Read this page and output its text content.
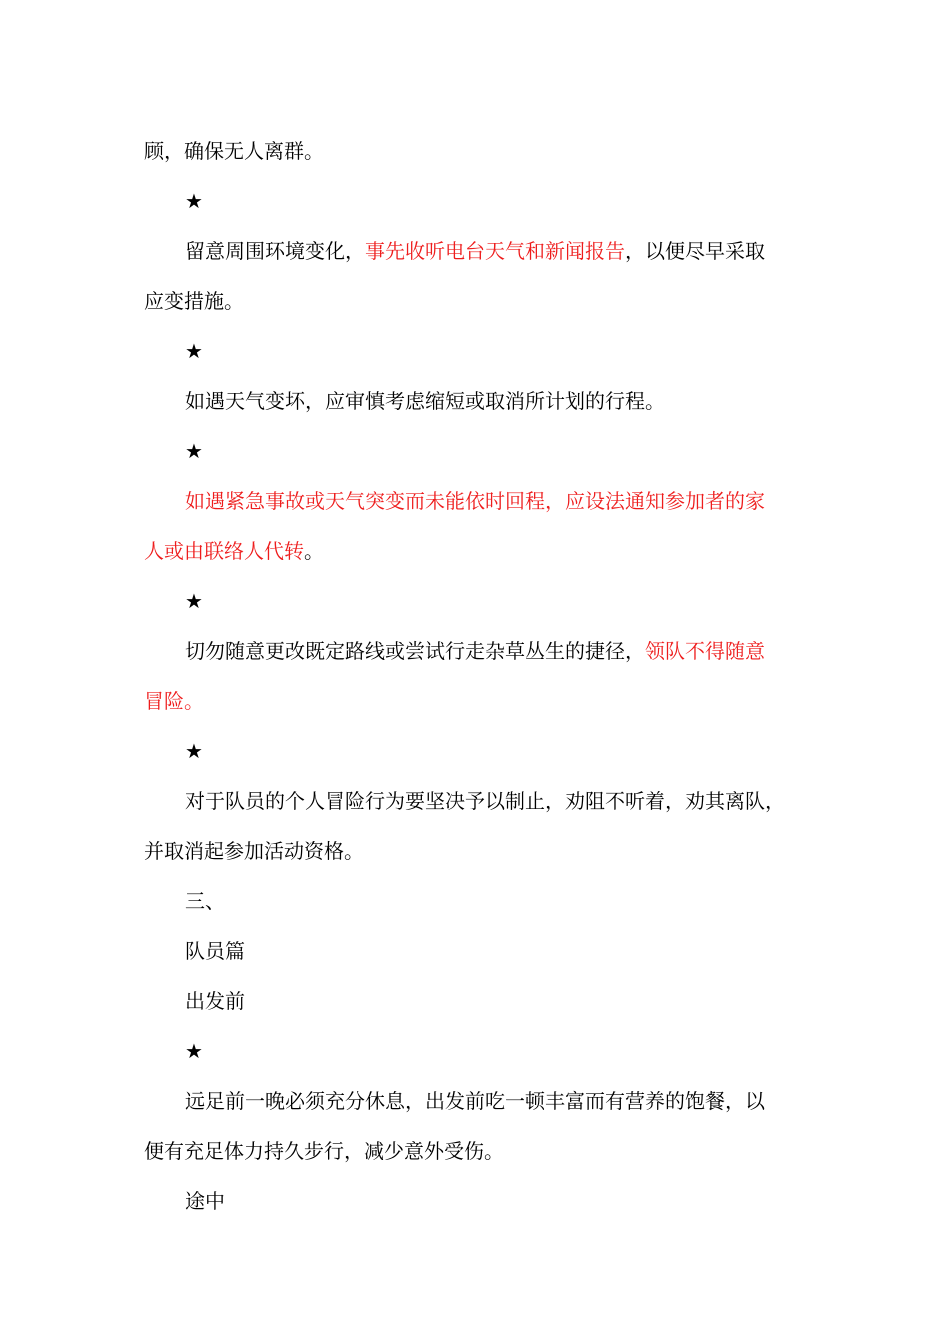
顾，确保无人离群。
★
留意周围环境变化，事先收听电台天气和新闻报告，以便尽早采取
应变措施。
★
如遇天气变坏，应审慎考虑缩短或取消所计划的行程。
★
如遇紧急事故或天气突变而未能依时回程，应设法通知参加者的家
人或由联络人代转。
★
切勿随意更改既定路线或尝试行走杂草丛生的捷径，领队不得随意
冒险。
★
对于队员的个人冒险行为要坚决予以制止，劝阻不听着，劝其离队，
并取消起参加活动资格。
三、
队员篇
出发前
★
远足前一晚必须充分休息，出发前吃一顿丰富而有营养的饱餐，以
便有充足体力持久步行，减少意外受伤。
途中
